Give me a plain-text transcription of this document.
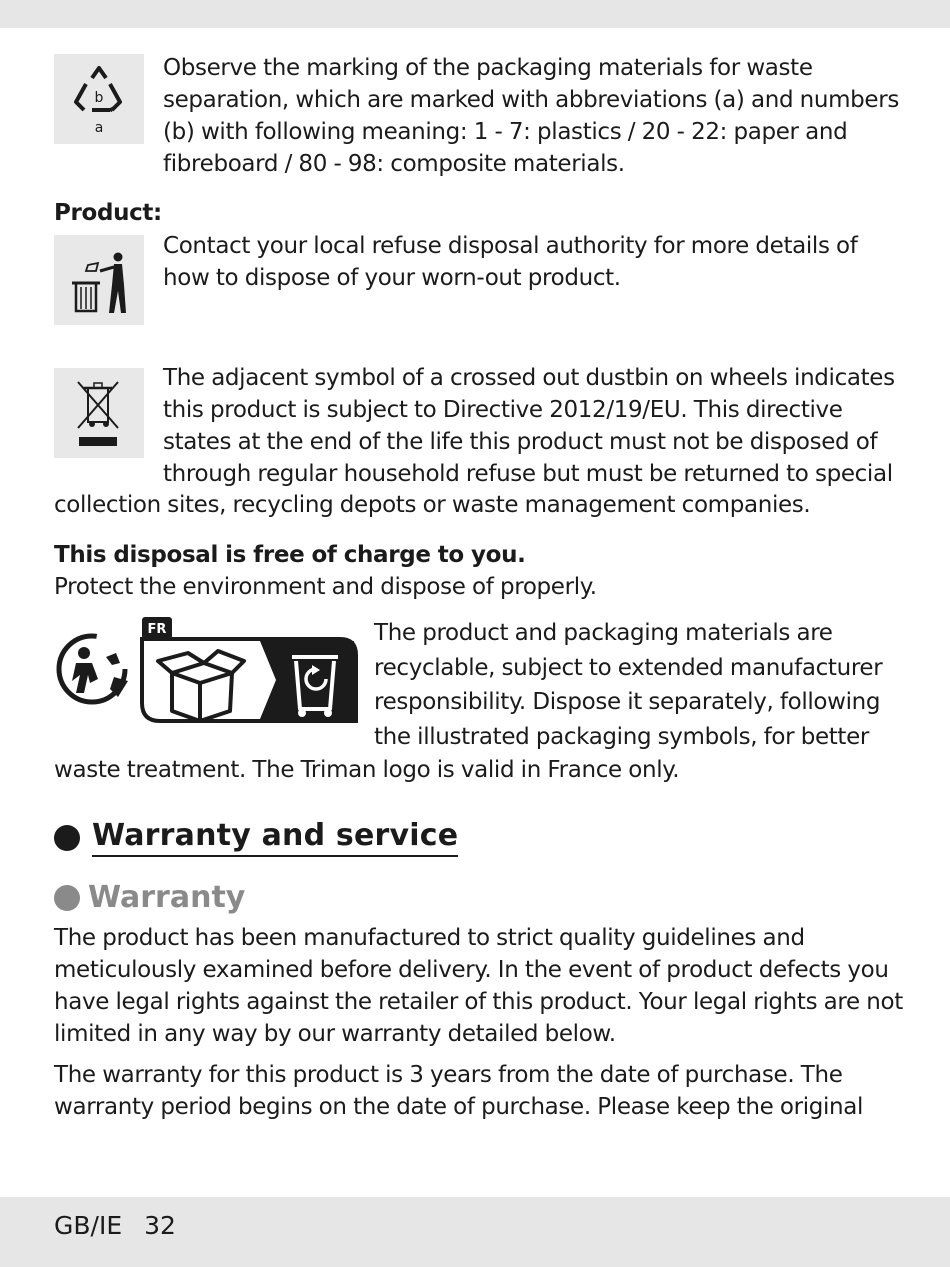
b
a

Observe the marking of the packaging materials for waste separation, which are marked with abbreviations (a) and numbers (b) with following meaning: 1 - 7: plastics / 20 - 22: paper and fibreboard / 80 - 98: composite materials.

Product:

Contact your local refuse disposal authority for more details of how to dispose of your worn-out product.

The adjacent symbol of a crossed out dustbin on wheels indicates this product is subject to Directive 2012/19/EU. This directive states at the end of the life this product must not be disposed of through regular household refuse but must be returned to special

collection sites, recycling depots or waste management companies.

This disposal is free of charge to you.

Protect the environment and dispose of properly.

FR	The product and packaging materials are recyclable, subject to extended manufacturer responsibility. Dispose it separately, following the illustrated packaging symbols, for better

waste treatment. The Triman logo is valid in France only.

Warranty and service
Warranty

The product has been manufactured to strict quality guidelines and meticulously examined before delivery. In the event of product defects you have legal rights against the retailer of this product. Your legal rights are not limited in any way by our warranty detailed below.

The warranty for this product is 3 years from the date of purchase. The warranty period begins on the date of purchase. Please keep the original

GB/IE 32
